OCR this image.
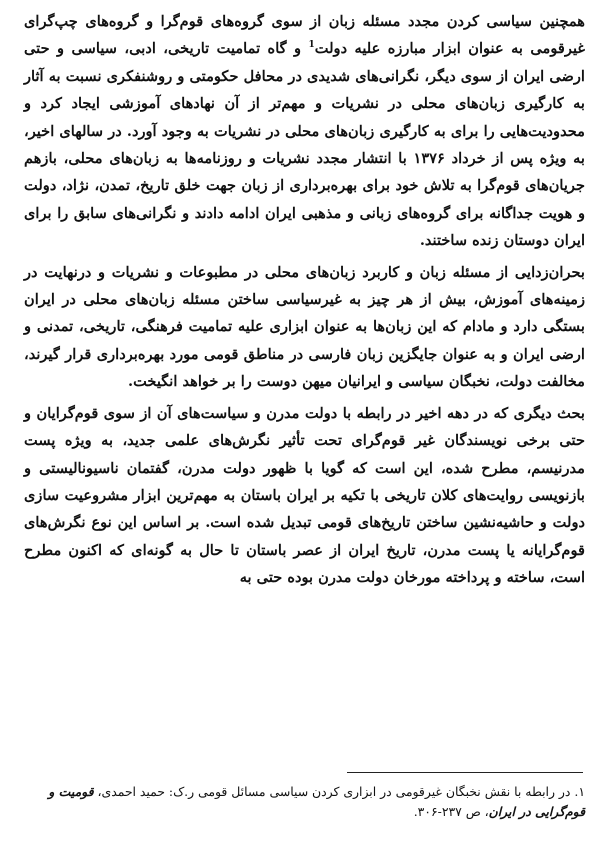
همچنین سیاسی کردن مجدد مسئله زبان از سوی گروه‌های قوم‌گرا و گروه‌های چپ‌گرای غیرقومی به عنوان ابزار مبارزه علیه دولت$^1$ و گاه تمامیت تاریخی، ادبی، سیاسی و حتی ارضی ایران از سوی دیگر، نگرانی‌های شدیدی در محافل حکومتی و روشنفکری نسبت به آثار به کارگیری زبان‌های محلی در نشریات و مهم‌تر از آن نهادهای آموزشی ایجاد کرد و محدودیت‌هایی را برای به کارگیری زبان‌های محلی در نشریات به وجود آورد. در سالهای اخیر، به ویژه پس از خرداد ۱۳۷۶ با انتشار مجدد نشریات و روزنامه‌ها به زبان‌های محلی، بازهم جریان‌های قوم‌گرا به تلاش خود برای بهره‌برداری از زبان جهت خلق تاریخ، تمدن، نژاد، دولت و هویت جداگانه برای گروه‌های زبانی و مذهبی ایران ادامه دادند و نگرانی‌های سابق را برای ایران دوستان زنده ساختند.

بحران‌زدایی از مسئله زبان و کاربرد زبان‌های محلی در مطبوعات و نشریات و درنهایت در زمینه‌های آموزش، بیش از هر چیز به غیرسیاسی ساختن مسئله زبان‌های محلی در ایران بستگی دارد و مادام که این زبان‌ها به عنوان ابزاری علیه تمامیت فرهنگی، تاریخی، تمدنی و ارضی ایران و به عنوان جایگزین زبان فارسی در مناطق قومی مورد بهره‌برداری قرار گیرند، مخالفت دولت، نخبگان سیاسی و ایرانیان میهن دوست را بر خواهد انگیخت.

بحث دیگری که در دهه اخیر در رابطه با دولت مدرن و سیاست‌های آن از سوی قوم‌گرایان و حتی برخی نویسندگان غیر قوم‌گرای تحت تأثیر نگرش‌های علمی جدید، به ویژه پست مدرنیسم، مطرح شده، این است که گویا با ظهور دولت مدرن، گفتمان ناسیونالیستی و بازنویسی روایت‌های کلان تاریخی با تکیه بر ایران باستان به مهم‌ترین ابزار مشروعیت سازی دولت و حاشیه‌نشین ساختن تاریخ‌های قومی تبدیل شده است. بر اساس این نوع نگرش‌های قوم‌گرایانه یا پست مدرن، تاریخ ایران از عصر باستان تا حال به گونه‌ای که اکنون مطرح است، ساخته و پرداخته مورخان دولت مدرن بوده حتی به

۱. در رابطه با نقش نخبگان غیرقومی در ابزاری کردن سیاسی مسائل قومی ر.ک: حمید احمدی، قومیت و قوم‌گرایی در ایران، ص ۲۳۷-۳۰۶.
